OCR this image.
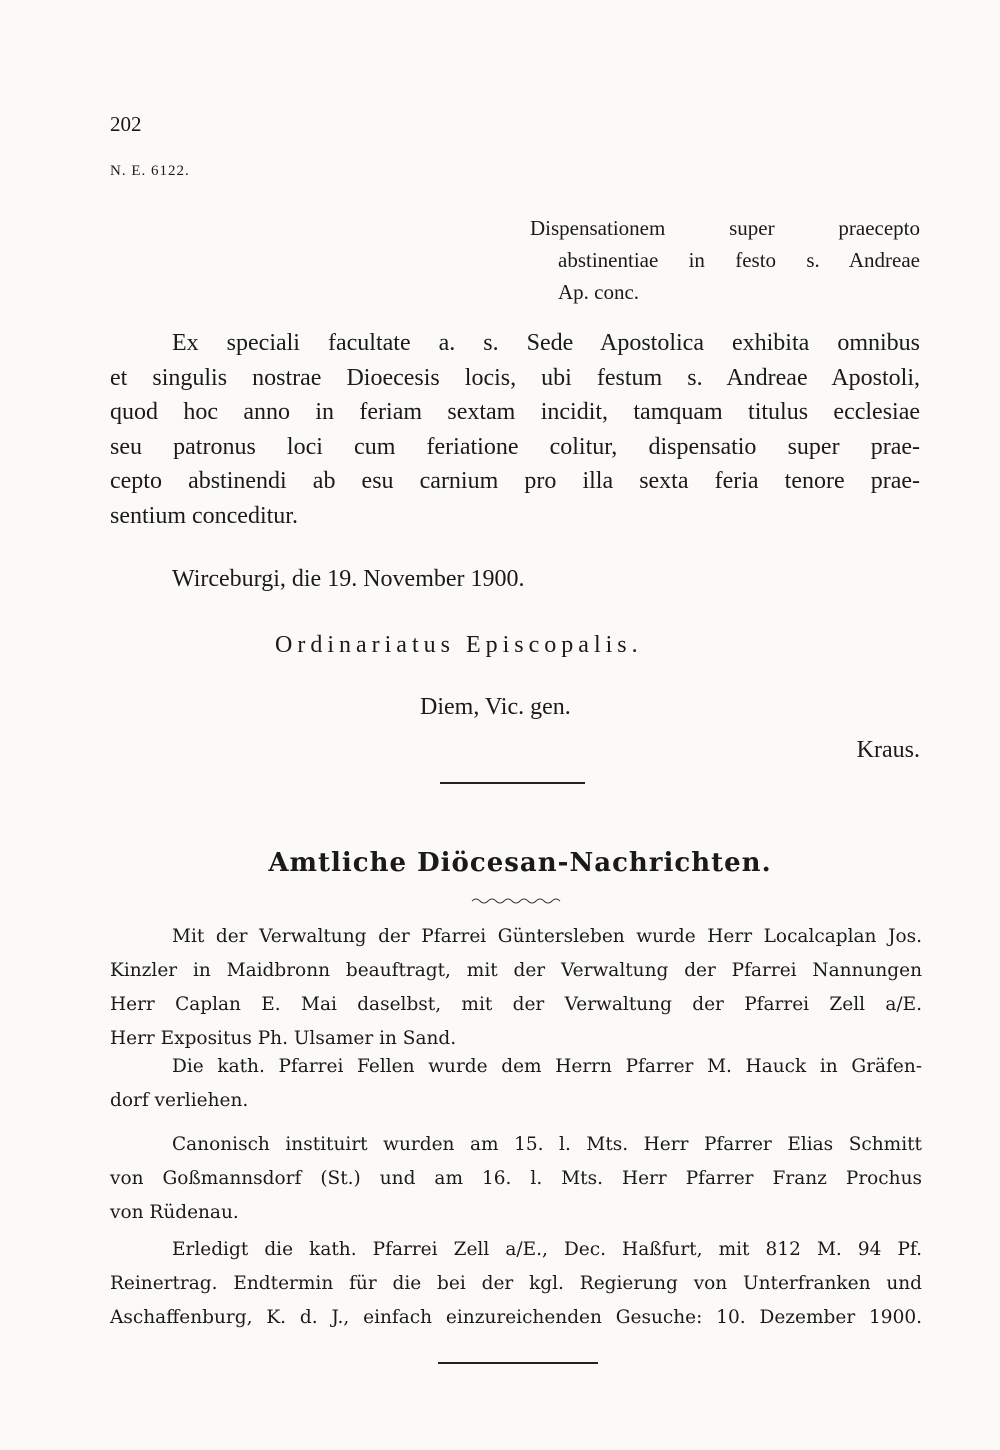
202
N. E. 6122.
Dispensationem super praecepto
abstinentiae in festo s. Andreae
Ap. conc.
Ex speciali facultate a. s. Sede Apostolica exhibita omnibus
et singulis nostrae Dioecesis locis, ubi festum s. Andreae Apostoli,
quod hoc anno in feriam sextam incidit, tamquam titulus ecclesiae
seu patronus loci cum feriatione colitur, dispensatio super prae-
cepto abstinendi ab esu carnium pro illa sexta feria tenore prae-
sentium conceditur.
Wirceburgi, die 19. November 1900.
Ordinariatus Episcopalis.
Diem, Vic. gen.
Kraus.
Amtliche Diöcesan-Nachrichten.
Mit der Verwaltung der Pfarrei Güntersleben wurde Herr Localcaplan Jos.
Kinzler in Maidbronn beauftragt, mit der Verwaltung der Pfarrei Nannungen
Herr Caplan E. Mai daselbst, mit der Verwaltung der Pfarrei Zell a/E.
Herr Expositus Ph. Ulsamer in Sand.
Die kath. Pfarrei Fellen wurde dem Herrn Pfarrer M. Hauck in Gräfen-
dorf verliehen.
Canonisch instituirt wurden am 15. l. Mts. Herr Pfarrer Elias Schmitt
von Goßmannsdorf (St.) und am 16. l. Mts. Herr Pfarrer Franz Prochus
von Rüdenau.
Erledigt die kath. Pfarrei Zell a/E., Dec. Haßfurt, mit 812 M. 94 Pf.
Reinertrag. Endtermin für die bei der kgl. Regierung von Unterfranken und
Aschaffenburg, K. d. J., einfach einzureichenden Gesuche: 10. Dezember 1900.
